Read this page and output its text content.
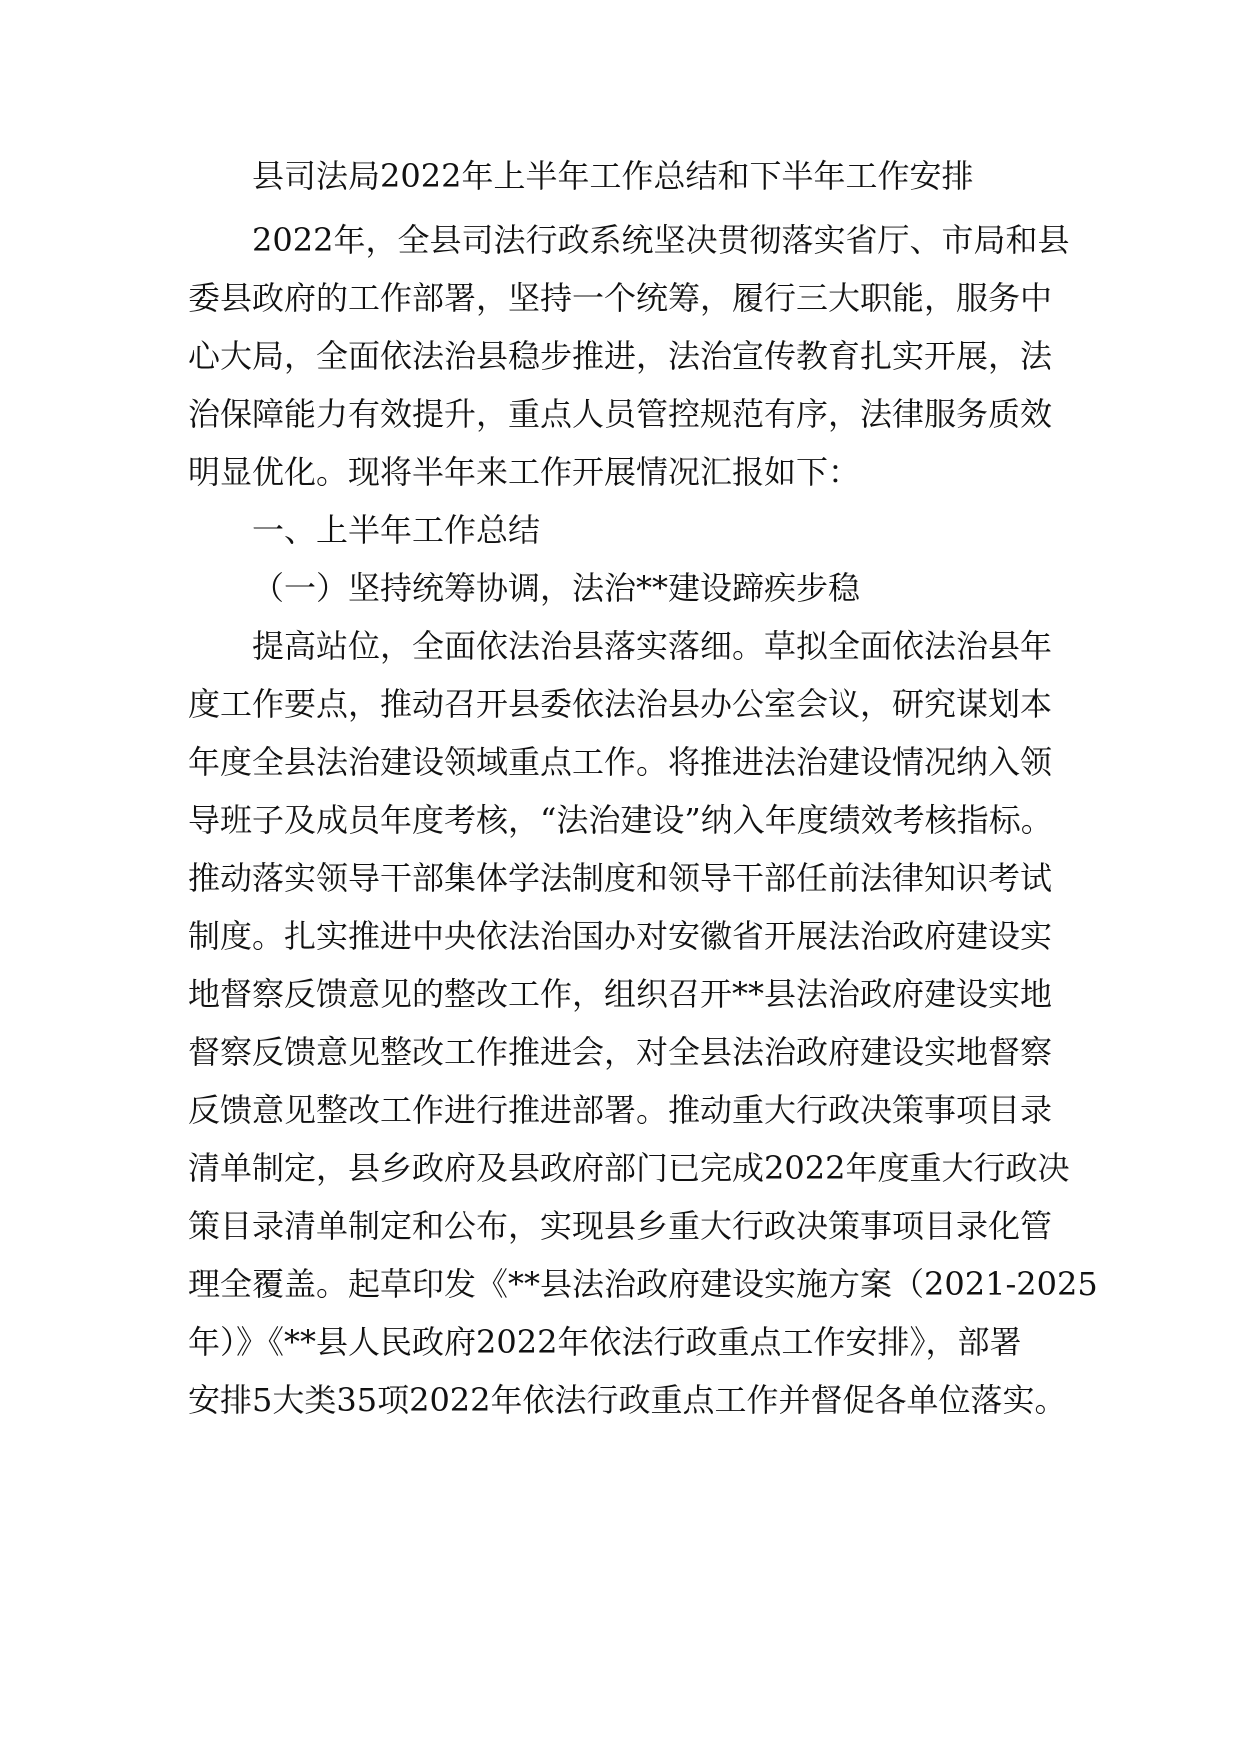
县司法局2022年上半年工作总结和下半年工作安排
2022年，全县司法行政系统坚决贯彻落实省厅、市局和县
委县政府的工作部署，坚持一个统筹，履行三大职能，服务中
心大局，全面依法治县稳步推进，法治宣传教育扎实开展，法
治保障能力有效提升，重点人员管控规范有序，法律服务质效
明显优化。现将半年来工作开展情况汇报如下：
一、上半年工作总结
（一）坚持统筹协调，法治**建设蹄疾步稳
提高站位，全面依法治县落实落细。草拟全面依法治县年
度工作要点，推动召开县委依法治县办公室会议，研究谋划本
年度全县法治建设领域重点工作。将推进法治建设情况纳入领
导班子及成员年度考核，“法治建设”纳入年度绩效考核指标。
推动落实领导干部集体学法制度和领导干部任前法律知识考试
制度。扎实推进中央依法治国办对安徽省开展法治政府建设实
地督察反馈意见的整改工作，组织召开**县法治政府建设实地
督察反馈意见整改工作推进会，对全县法治政府建设实地督察
反馈意见整改工作进行推进部署。推动重大行政决策事项目录
清单制定，县乡政府及县政府部门已完成2022年度重大行政决
策目录清单制定和公布，实现县乡重大行政决策事项目录化管
理全覆盖。起草印发《**县法治政府建设实施方案（2021-2025
年）》《**县人民政府2022年依法行政重点工作安排》，部署
安排5大类35项2022年依法行政重点工作并督促各单位落实。
